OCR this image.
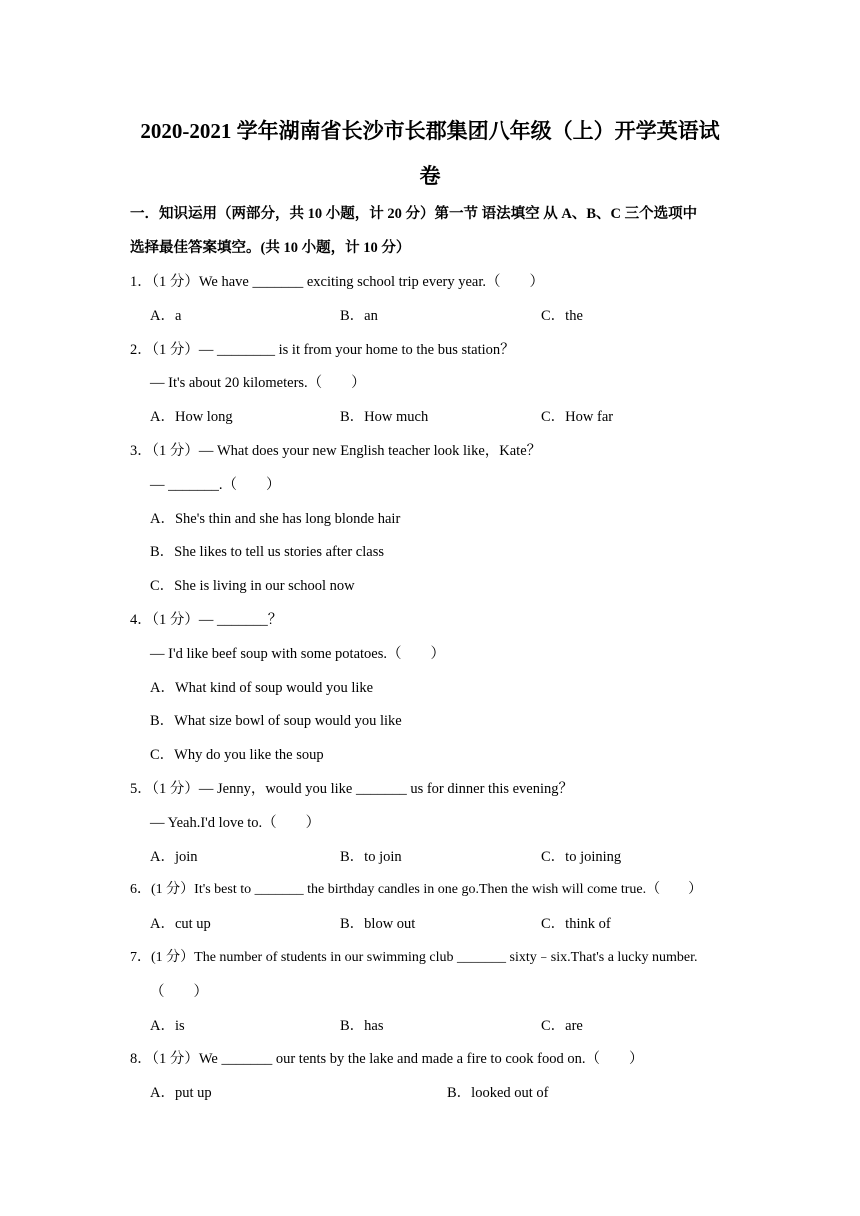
2020-2021 学年湖南省长沙市长郡集团八年级（上）开学英语试
卷
一．知识运用（两部分，共 10 小题，计 20 分）第一节 语法填空 从 A、B、C 三个选项中
选择最佳答案填空。(共 10 小题，计 10 分）
1．（1 分）We have _______ exciting school trip every year.（　　）
A．a	B．an	C．the
2．（1 分）— ________ is it from your home to the bus station？
— It's about 20 kilometers.（　　）
A．How long	B．How much	C．How far
3．（1 分）— What does your new English teacher look like，Kate？
— _______.（　　）
A．She's thin and she has long blonde hair
B．She likes to tell us stories after class
C．She is living in our school now
4．（1 分）— _______？
— I'd like beef soup with some potatoes.（　　）
A．What kind of soup would you like
B．What size bowl of soup would you like
C．Why do you like the soup
5．（1 分）— Jenny，would you like _______ us for dinner this evening？
— Yeah.I'd love to.（　　）
A．join	B．to join	C．to joining
6．(1 分）It's best to _______ the birthday candles in one go.Then the wish will come true.（　　）
A．cut up	B．blow out	C．think of
7．(1 分）The number of students in our swimming club _______ sixty﹣six.That's a lucky number.
（　　）
A．is	B．has	C．are
8．（1 分）We _______ our tents by the lake and made a fire to cook food on.（　　）
A．put up	B．looked out of
